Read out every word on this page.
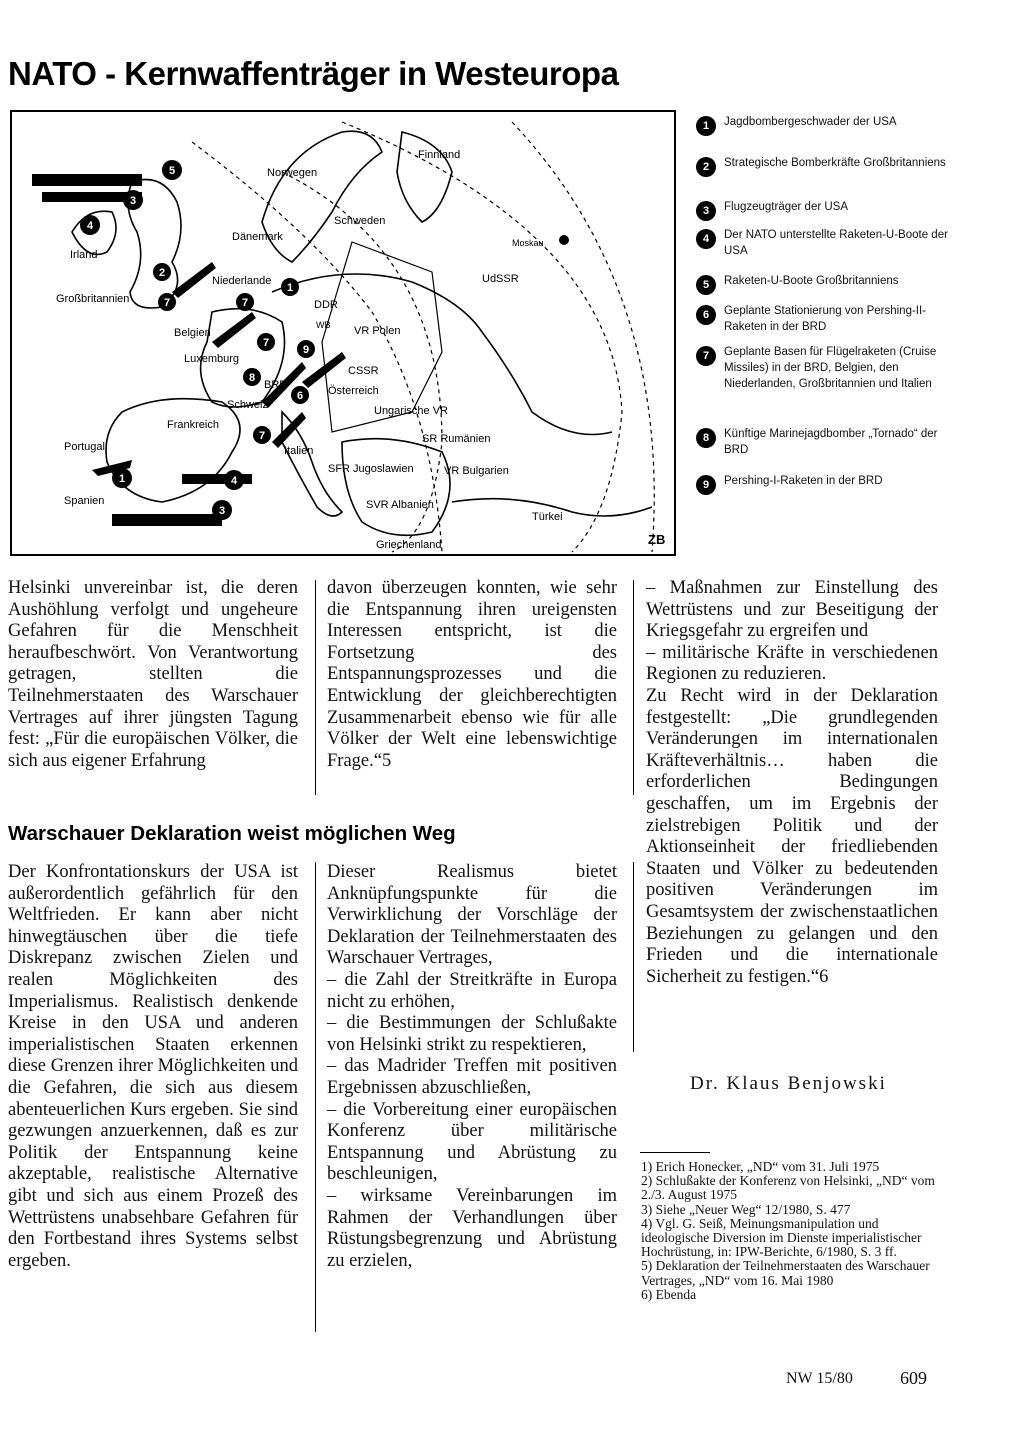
NATO - Kernwaffenträger in Westeuropa
5
3
4
2
7
1
7
7
9
8
6
7
1	4
3
Finnland
Norwegen
Schweden
Moskau
UdSSR
Dänemark
Irland
Großbritannien
Niederlande
DDR
VR Polen
WB
Belgien
Luxemburg
CSSR
BRD	Österreich
Schweiz	Ungarische VR
Frankreich
SR Rumänien
Portugal	Italien
SFR Jugoslawien	VR Bulgarien
Spanien	SVR Albanien
Türkei
Griechenland	ZB
1	Jagdbombergeschwader der USA
2	Strategische Bomberkräfte Großbritanniens
3	Flugzeugträger der USA
4	Der NATO unterstellte Raketen-U-Boote der USA
5	Raketen-U-Boote Großbritanniens
6	Geplante Stationierung von Pershing-II-Raketen in der BRD
7	Geplante Basen für Flügelraketen (Cruise Missiles) in der BRD, Belgien, den Niederlanden, Großbritannien und Italien
8	Künftige Marinejagdbomber „Tornado“ der BRD
9	Pershing-I-Raketen in der BRD

Helsinki unvereinbar ist, die deren Aushöhlung verfolgt und ungeheure Gefahren für die Menschheit heraufbeschwört. Von Verantwortung getragen, stellten die Teilnehmerstaaten des Warschauer Vertrages auf ihrer jüngsten Tagung fest: „Für die europäischen Völker, die sich aus eigener Erfahrung

davon überzeugen konnten, wie sehr die Entspannung ihren ureigensten Interessen entspricht, ist die Fortsetzung des Entspannungsprozesses und die Entwicklung der gleichberechtigten Zusammenarbeit ebenso wie für alle Völker der Welt eine lebenswichtige Frage.“5

Warschauer Deklaration weist möglichen Weg

Der Konfrontationskurs der USA ist außerordentlich gefährlich für den Weltfrieden. Er kann aber nicht hinwegtäuschen über die tiefe Diskrepanz zwischen Zielen und realen Möglichkeiten des Imperialismus. Realistisch denkende Kreise in den USA und anderen imperialistischen Staaten erkennen diese Grenzen ihrer Möglichkeiten und die Gefahren, die sich aus diesem abenteuerlichen Kurs ergeben. Sie sind gezwungen anzuerkennen, daß es zur Politik der Entspannung keine akzeptable, realistische Alternative gibt und sich aus einem Prozeß des Wettrüstens unabsehbare Gefahren für den Fortbestand ihres Systems selbst ergeben.

Dieser Realismus bietet Anknüpfungspunkte für die Verwirklichung der Vorschläge der Deklaration der Teilnehmerstaaten des Warschauer Vertrages,

– die Zahl der Streitkräfte in Europa nicht zu erhöhen,

– die Bestimmungen der Schlußakte von Helsinki strikt zu respektieren,

– das Madrider Treffen mit positiven Ergebnissen abzuschließen,

– die Vorbereitung einer europäischen Konferenz über militärische Entspannung und Abrüstung zu beschleunigen,

– wirksame Vereinbarungen im Rahmen der Verhandlungen über Rüstungsbegrenzung und Abrüstung zu erzielen,

– Maßnahmen zur Einstellung des Wettrüstens und zur Beseitigung der Kriegsgefahr zu ergreifen und

– militärische Kräfte in verschiedenen Regionen zu reduzieren.

Zu Recht wird in der Deklaration festgestellt: „Die grundlegenden Veränderungen im internationalen Kräfteverhältnis… haben die erforderlichen Bedingungen geschaffen, um im Ergebnis der zielstrebigen Politik und der Aktionseinheit der friedliebenden Staaten und Völker zu bedeutenden positiven Veränderungen im Gesamtsystem der zwischenstaatlichen Beziehungen zu gelangen und den Frieden und die internationale Sicherheit zu festigen.“6

Dr. Klaus Benjowski
1) Erich Honecker, „ND“ vom 31. Juli 1975
2) Schlußakte der Konferenz von Helsinki, „ND“ vom 2./3. August 1975
3) Siehe „Neuer Weg“ 12/1980, S. 477
4) Vgl. G. Seiß, Meinungsmanipulation und ideologische Diversion im Dienste imperialistischer Hochrüstung, in: IPW-Berichte, 6/1980, S. 3 ff.
5) Deklaration der Teilnehmerstaaten des Warschauer Vertrages, „ND“ vom 16. Mai 1980
6) Ebenda
NW 15/80	609
